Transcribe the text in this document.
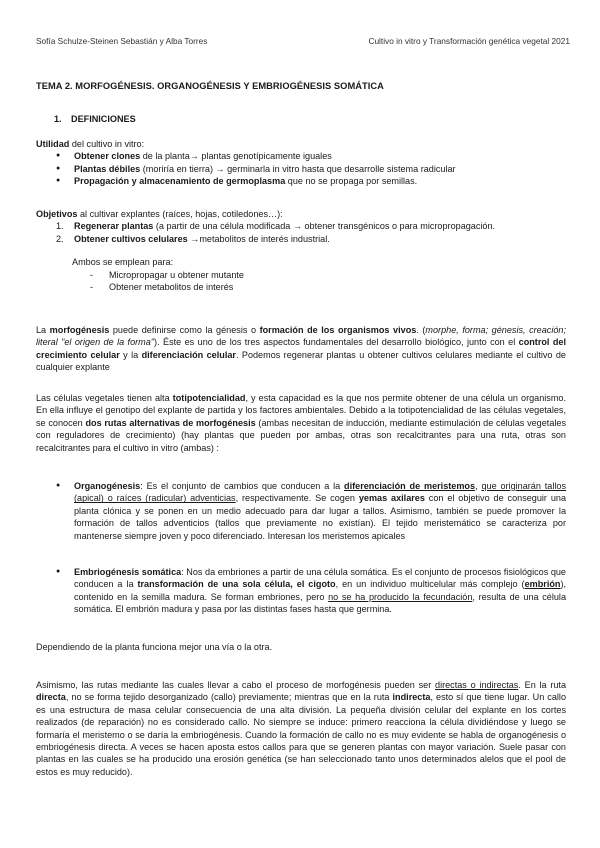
Sofía Schulze-Steinen Sebastián y Alba Torres	Cultivo in vitro y Transformación genética vegetal 2021
TEMA 2. MORFOGÉNESIS. ORGANOGÉNESIS Y EMBRIOGÉNESIS SOMÁTICA
1. DEFINICIONES

Utilidad del cultivo in vitro:

● Obtener clones de la planta→ plantas genotípicamente iguales
● Plantas débiles (moriría en tierra) → germinarla in vitro hasta que desarrolle sistema radicular
● Propagación y almacenamiento de germoplasma que no se propaga por semillas.

Objetivos al cultivar explantes (raíces, hojas, cotiledones…):

1. Regenerar plantas (a partir de una célula modificada → obtener transgénicos o para micropropagación.
2. Obtener cultivos celulares →metabolitos de interés industrial.

Ambos se emplean para:

- Micropropagar u obtener mutante
- Obtener metabolitos de interés

La morfogénesis puede definirse como la génesis o formación de los organismos vivos. (morphe, forma; génesis, creación; literal "el origen de la forma"). Éste es uno de los tres aspectos fundamentales del desarrollo biológico, junto con el control del crecimiento celular y la diferenciación celular. Podemos regenerar plantas u obtener cultivos celulares mediante el cultivo de cualquier explante

Las células vegetales tienen alta totipotencialidad, y esta capacidad es la que nos permite obtener de una célula un organismo. En ella influye el genotipo del explante de partida y los factores ambientales. Debido a la totipotencialidad de las células vegetales, se conocen dos rutas alternativas de morfogénesis (ambas necesitan de inducción, mediante estimulación de células vegetales con reguladores de crecimiento) (hay plantas que pueden por ambas, otras son recalcitrantes para una ruta, otras son recalcitrantes para el cultivo in vitro (ambas) :

● Organogénesis: Es el conjunto de cambios que conducen a la diferenciación de meristemos, que originarán tallos (apical) o raíces (radicular) adventicias, respectivamente. Se cogen yemas axilares con el objetivo de conseguir una planta clónica y se ponen en un medio adecuado para dar lugar a tallos. Asimismo, también se puede promover la formación de tallos adventicios (tallos que previamente no existían). El tejido meristemático se caracteriza por mantenerse siempre joven y poco diferenciado. Interesan los meristemos apicales

● Embriogénesis somática: Nos da embriones a partir de una célula somática. Es el conjunto de procesos fisiológicos que conducen a la transformación de una sola célula, el cigoto, en un individuo multicelular más complejo (embrión), contenido en la semilla madura. Se forman embriones, pero no se ha producido la fecundación, resulta de una célula somática. El embrión madura y pasa por las distintas fases hasta que germina.

Dependiendo de la planta funciona mejor una vía o la otra.

Asimismo, las rutas mediante las cuales llevar a cabo el proceso de morfogénesis pueden ser directas o indirectas. En la ruta directa, no se forma tejido desorganizado (callo) previamente; mientras que en la ruta indirecta, esto sí que tiene lugar. Un callo es una estructura de masa celular consecuencia de una alta división. La pequeña división celular del explante en los cortes realizados (de reparación) no es considerado callo. No siempre se induce: primero reacciona la célula dividiéndose y luego se formaría el meristemo o se daría la embriogénesis. Cuando la formación de callo no es muy evidente se habla de organogénesis o embriogénesis directa. A veces se hacen aposta estos callos para que se generen plantas con mayor variación. Suele pasar con plantas en las cuales se ha producido una erosión genética (se han seleccionado tanto unos determinados alelos que el pool de estos es muy reducido).
